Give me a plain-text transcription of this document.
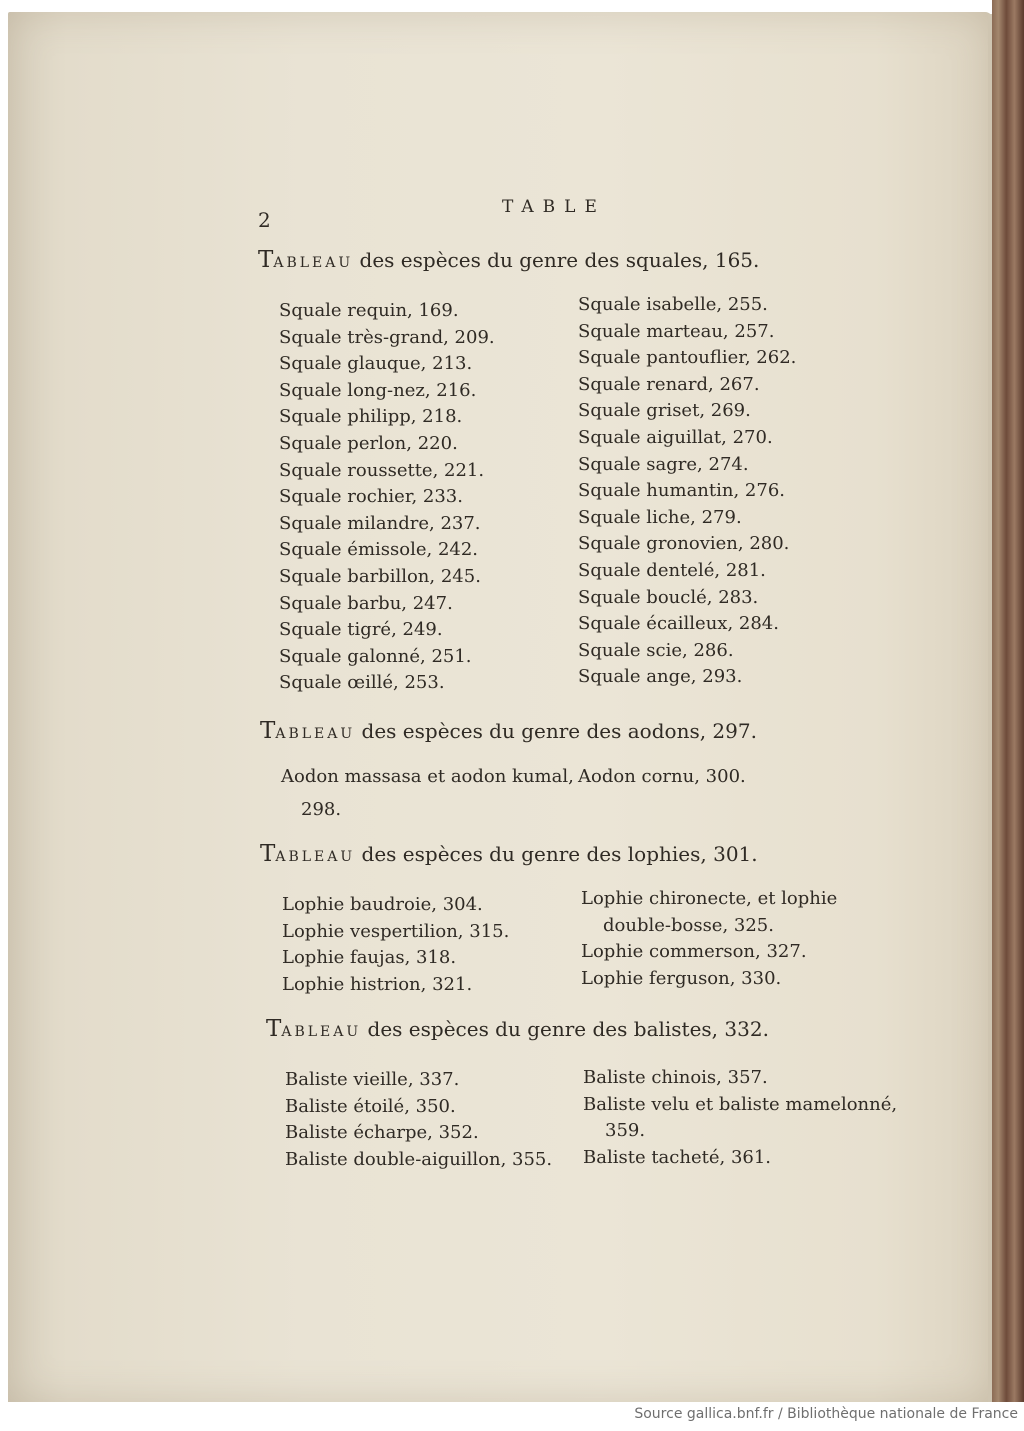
2
TABLE
TABLEAU des espèces du genre des squales, 165.
Squale requin, 169.
Squale très-grand, 209.
Squale glauque, 213.
Squale long-nez, 216.
Squale philipp, 218.
Squale perlon, 220.
Squale roussette, 221.
Squale rochier, 233.
Squale milandre, 237.
Squale émissole, 242.
Squale barbillon, 245.
Squale barbu, 247.
Squale tigré, 249.
Squale galonné, 251.
Squale œillé, 253.
Squale isabelle, 255.
Squale marteau, 257.
Squale pantouflier, 262.
Squale renard, 267.
Squale griset, 269.
Squale aiguillat, 270.
Squale sagre, 274.
Squale humantin, 276.
Squale liche, 279.
Squale gronovien, 280.
Squale dentelé, 281.
Squale bouclé, 283.
Squale écailleux, 284.
Squale scie, 286.
Squale ange, 293.
TABLEAU des espèces du genre des aodons, 297.
Aodon massasa et aodon kumal,
298.
Aodon cornu, 300.
TABLEAU des espèces du genre des lophies, 301.
Lophie baudroie, 304.
Lophie vespertilion, 315.
Lophie faujas, 318.
Lophie histrion, 321.
Lophie chironecte, et lophie
double-bosse, 325.
Lophie commerson, 327.
Lophie ferguson, 330.
TABLEAU des espèces du genre des balistes, 332.
Baliste vieille, 337.
Baliste étoilé, 350.
Baliste écharpe, 352.
Baliste double-aiguillon, 355.
Baliste chinois, 357.
Baliste velu et baliste mamelonné,
359.
Baliste tacheté, 361.
Source gallica.bnf.fr / Bibliothèque nationale de France
